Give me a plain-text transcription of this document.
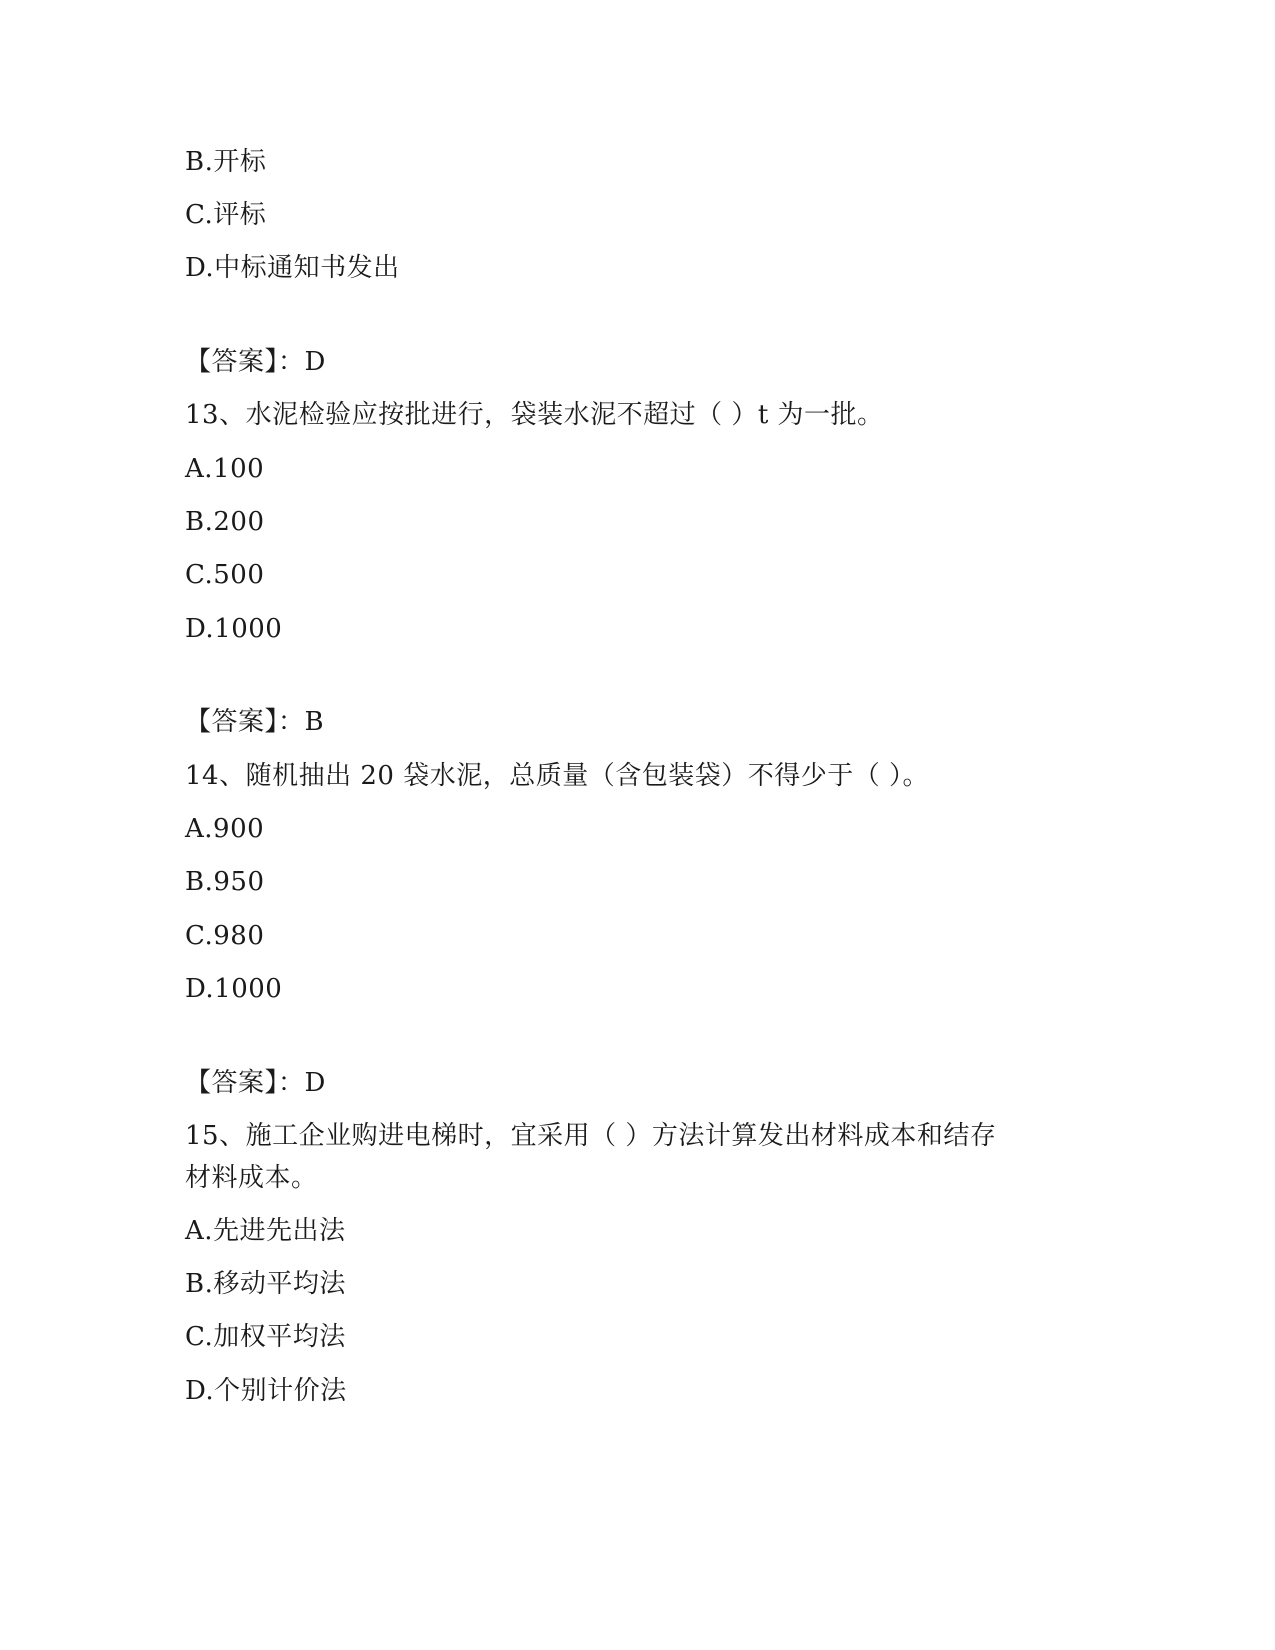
B.开标
C.评标
D.中标通知书发出
【答案】：D
13、水泥检验应按批进行，袋装水泥不超过（ ）t 为一批。
A.100
B.200
C.500
D.1000
【答案】：B
14、随机抽出 20 袋水泥，总质量（含包装袋）不得少于（ ）。
A.900
B.950
C.980
D.1000
【答案】：D
15、施工企业购进电梯时，宜采用（ ）方法计算发出材料成本和结存
材料成本。
A.先进先出法
B.移动平均法
C.加权平均法
D.个别计价法
